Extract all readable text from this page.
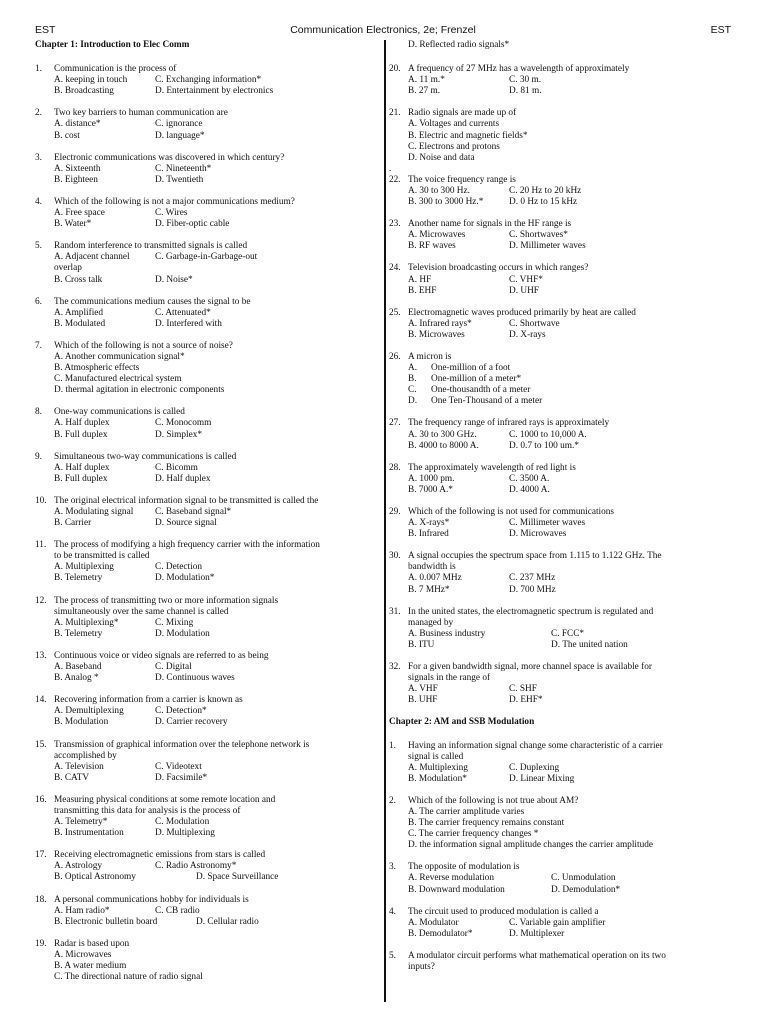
Communication Electronics, 2e; Frenzel
EST	EST
Chapter 1: Introduction to Elec Comm
1. Communication is the process of
A. keeping in touch	C. Exchanging information*
B. Broadcasting	D. Entertainment by electronics
2. Two key barriers to human communication are
A. distance*	C. ignorance
B. cost	D. language*
3. Electronic communications was discovered in which century?
A. Sixteenth	C. Nineteenth*
B. Eighteen	D. Twentieth
4. Which of the following is not a major communications medium?
A. Free space	C. Wires
B. Water*	D. Fiber-optic cable
5. Random interference to transmitted signals is called
A. Adjacent channel overlap
C. Garbage-in-Garbage-out
B. Cross talk	D. Noise*
6. The communications medium causes the signal to be
A. Amplified	C. Attenuated*
B. Modulated	D. Interfered with
7. Which of the following is not a source of noise?
A. Another communication signal*
B. Atmospheric effects
C. Manufactured electrical system
D. thermal agitation in electronic components
8. One-way communications is called
A. Half duplex	C. Monocomm
B. Full duplex	D. Simplex*
9. Simultaneous two-way communications is called
A. Half duplex	C. Bicomm
B. Full duplex	D. Half duplex
10. The original electrical information signal to be transmitted is called the
A. Modulating signal	C. Baseband signal*
B. Carrier	D. Source signal
11. The process of modifying a high frequency carrier with the information
to be transmitted is called
A. Multiplexing	C. Detection
B. Telemetry	D. Modulation*
12. The process of transmitting two or more information signals
simultaneously over the same channel is called
A. Multiplexing*	C. Mixing
B. Telemetry	D. Modulation
13. Continuous voice or video signals are referred to as being
A. Baseband	C. Digital
B. Analog *	D. Continuous waves
14. Recovering information from a carrier is known as
A. Demultiplexing	C. Detection*
B. Modulation	D. Carrier recovery
15. Transmission of graphical information over the telephone network is
accomplished by
A. Television	C. Videotext
B. CATV	D. Facsimile*
16. Measuring physical conditions at some remote location and
transmitting this data for analysis is the process of
A. Telemetry*	C. Modulation
B. Instrumentation	D. Multiplexing
17. Receiving electromagnetic emissions from stars is called
A. Astrology	C. Radio Astronomy*
B. Optical Astronomy	D. Space Surveillance
18. A personal communications hobby for individuals is
A. Ham radio*	C. CB radio
B. Electronic bulletin board	D. Cellular radio
19. Radar is based upon
A. Microwaves
B. A water medium
C. The directional nature of radio signal
D. Reflected radio signals*
20. A frequency of 27 MHz has a wavelength of approximately
A. 11 m.*	C. 30 m.
B. 27 m.	D. 81 m.
21. Radio signals are made up of
A. Voltages and currents
B. Electric and magnetic fields*
C. Electrons and protons
D. Noise and data
.
22. The voice frequency range is
A. 30 to 300 Hz.	C. 20 Hz to 20 kHz
B. 300 to 3000 Hz.*	D. 0 Hz to 15 kHz
23. Another name for signals in the HF range is
A. Microwaves	C. Shortwaves*
B. RF waves	D. Millimeter waves
24. Television broadcasting occurs in which ranges?
A. HF	C. VHF*
B. EHF	D. UHF
25. Electromagnetic waves produced primarily by heat are called
A. Infrared rays*	C. Shortwave
B. Microwaves	D. X-rays
26. A micron is
A.	One-million of a foot
B.	One-million of a meter*
C.	One-thousandth of a meter
D.	One Ten-Thousand of a meter
27. The frequency range of infrared rays is approximately
A. 30 to 300 GHz.	C. 1000 to 10,000 A.
B. 4000 to 8000 A.	D. 0.7 to 100 um.*
28. The approximately wavelength of red light is
A. 1000 pm.	C. 3500 A.
B. 7000 A.*	D. 4000 A.
29. Which of the following is not used for communications
A. X-rays*	C. Millimeter waves
B. Infrared	D. Microwaves
30. A signal occupies the spectrum space from 1.115 to 1.122 GHz. The
bandwidth is
A. 0.007 MHz	C. 237 MHz
B. 7 MHz*	D. 700 MHz
31. In the united states, the electromagnetic spectrum is regulated and
managed by
A. Business industry	C. FCC*
B. ITU	D. The united nation
32. For a given bandwidth signal, more channel space is available for
signals in the range of
A. VHF	C. SHF
B. UHF	D. EHF*
Chapter 2: AM and SSB Modulation
1. Having an information signal change some characteristic of a carrier
signal is called
A. Multiplexing	C. Duplexing
B. Modulation*	D. Linear Mixing
2. Which of the following is not true about AM?
A. The carrier amplitude varies
B. The carrier frequency remains constant
C. The carrier frequency changes *
D. the information signal amplitude changes the carrier amplitude
3. The opposite of modulation is
A. Reverse modulation	C. Unmodulation
B. Downward modulation	D. Demodulation*
4. The circuit used to produced modulation is called a
A. Modulator	C. Variable gain amplifier
B. Demodulator*	D. Multiplexer
5. A modulator circuit performs what mathematical operation on its two
inputs?
